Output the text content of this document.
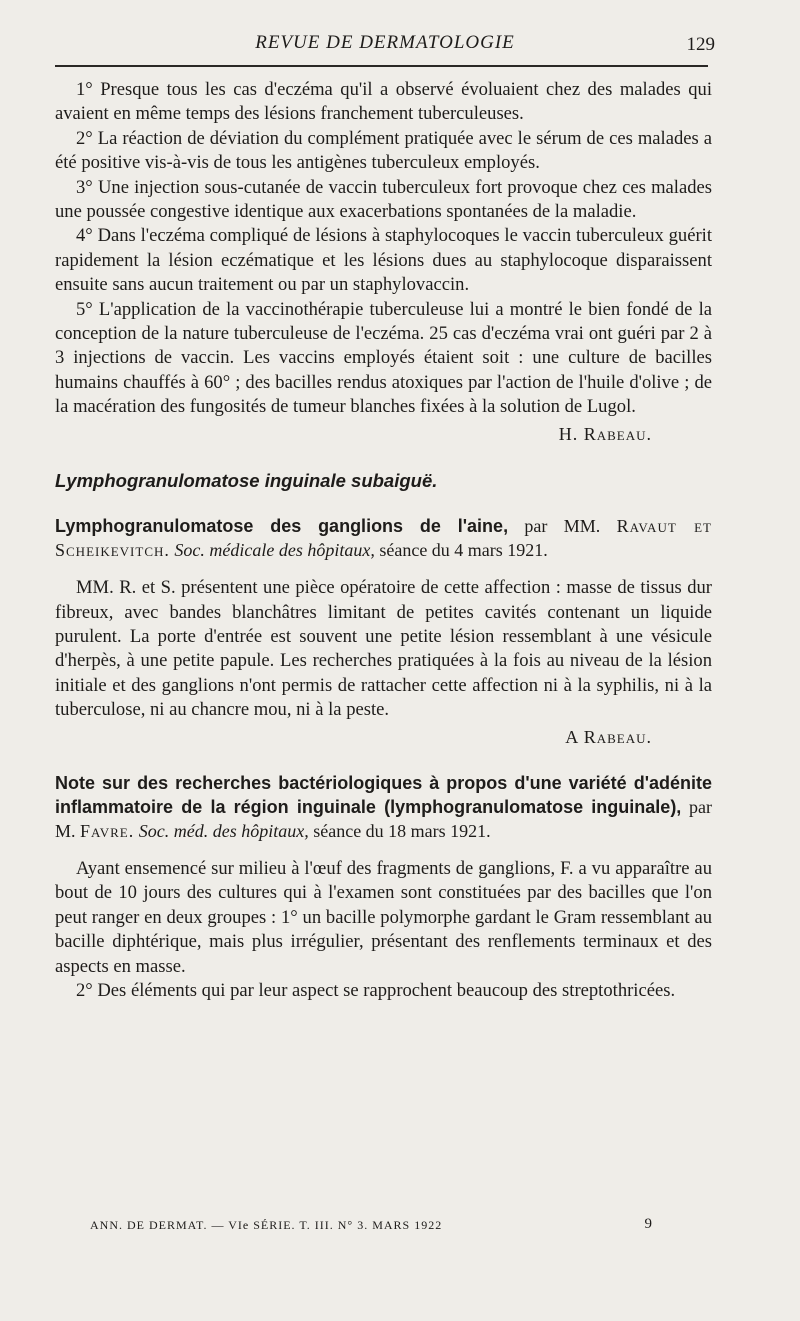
REVUE DE DERMATOLOGIE	129

1° Presque tous les cas d'eczéma qu'il a observé évoluaient chez des malades qui avaient en même temps des lésions franchement tuberculeuses.

2° La réaction de déviation du complément pratiquée avec le sérum de ces malades a été positive vis-à-vis de tous les antigènes tuberculeux employés.

3° Une injection sous-cutanée de vaccin tuberculeux fort provoque chez ces malades une poussée congestive identique aux exacerbations spontanées de la maladie.

4° Dans l'eczéma compliqué de lésions à staphylocoques le vaccin tuberculeux guérit rapidement la lésion eczématique et les lésions dues au staphylocoque disparaissent ensuite sans aucun traitement ou par un staphylovaccin.

5° L'application de la vaccinothérapie tuberculeuse lui a montré le bien fondé de la conception de la nature tuberculeuse de l'eczéma. 25 cas d'eczéma vrai ont guéri par 2 à 3 injections de vaccin. Les vaccins employés étaient soit : une culture de bacilles humains chauffés à 60° ; des bacilles rendus atoxiques par l'action de l'huile d'olive ; de la macération des fungosités de tumeur blanches fixées à la solution de Lugol.

H. Rabeau.

Lymphogranulomatose inguinale subaiguë.

Lymphogranulomatose des ganglions de l'aine, par MM. Ravaut et Scheikevitch. Soc. médicale des hôpitaux, séance du 4 mars 1921.

MM. R. et S. présentent une pièce opératoire de cette affection : masse de tissus dur fibreux, avec bandes blanchâtres limitant de petites cavités contenant un liquide purulent. La porte d'entrée est souvent une petite lésion ressemblant à une vésicule d'herpès, à une petite papule. Les recherches pratiquées à la fois au niveau de la lésion initiale et des ganglions n'ont permis de rattacher cette affection ni à la syphilis, ni à la tuberculose, ni au chancre mou, ni à la peste.

A Rabeau.

Note sur des recherches bactériologiques à propos d'une variété d'adénite inflammatoire de la région inguinale (lymphogranulomatose inguinale), par M. Favre. Soc. méd. des hôpitaux, séance du 18 mars 1921.

Ayant ensemencé sur milieu à l'œuf des fragments de ganglions, F. a vu apparaître au bout de 10 jours des cultures qui à l'examen sont constituées par des bacilles que l'on peut ranger en deux groupes : 1° un bacille polymorphe gardant le Gram ressemblant au bacille diphtérique, mais plus irrégulier, présentant des renflements terminaux et des aspects en masse.

2° Des éléments qui par leur aspect se rapprochent beaucoup des streptothricées.

ANN. DE DERMAT. — VIe SÉRIE. T. III. N° 3. MARS 1922	9
